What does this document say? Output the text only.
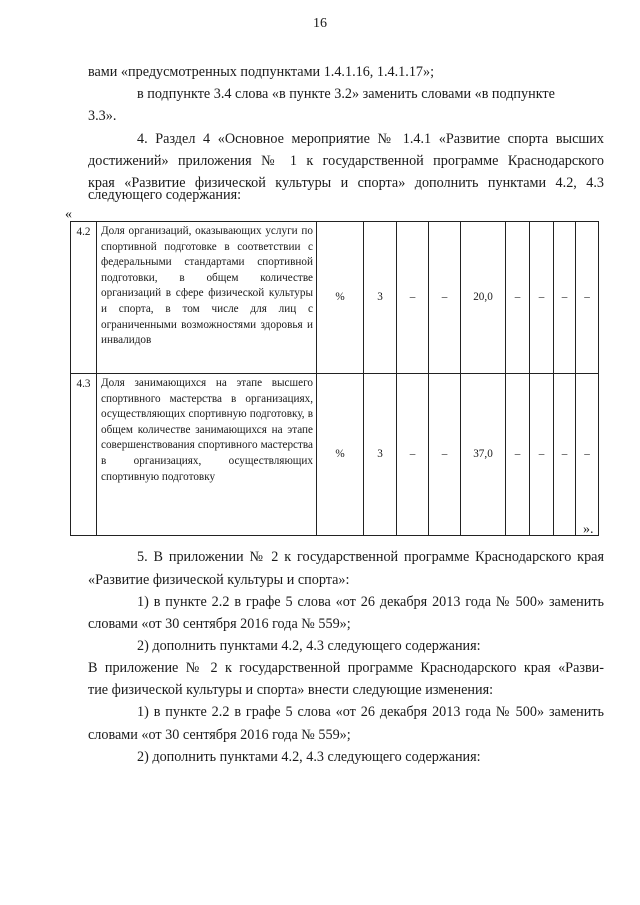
16
вами «предусмотренных подпунктами 1.4.1.16, 1.4.1.17»;
в подпункте 3.4 слова «в пункте 3.2» заменить словами «в подпункте
3.3».
4. Раздел 4 «Основное мероприятие № 1.4.1 «Развитие спорта высших
достижений» приложения № 1 к государственной программе Краснодарского
края «Развитие физической культуры и спорта» дополнить пунктами 4.2, 4.3
следующего содержания:
«
4.2	Доля организаций, оказывающих услуги по спортивной подготовке в соответствии с федеральными стандартами спортивной подготовки, в общем количестве организаций в сфере физической культуры и спорта, в том числе для лиц с ограниченными возможностями здоровья и инвалидов	%	3	–	–	20,0	–	–	–	–
4.3	Доля занимающихся на этапе высшего спортивного мастерства в организациях, осуществляющих спортивную подготовку, в общем количестве занимающихся на этапе совершенствования спортивного мастерства в организациях, осуществляющих спортивную подготовку	%	3	–	–	37,0	–	–	–	–
».
5. В приложении № 2 к государственной программе Краснодарского края
«Развитие физической культуры и спорта»:
1) в пункте 2.2 в графе 5 слова «от 26 декабря 2013 года № 500» заменить
словами «от 30 сентября 2016 года № 559»;
2) дополнить пунктами 4.2, 4.3 следующего содержания:
В приложение № 2 к государственной программе Краснодарского края «Разви-
тие физической культуры и спорта» внести следующие изменения:
1) в пункте 2.2 в графе 5 слова «от 26 декабря 2013 года № 500» заменить
словами «от 30 сентября 2016 года № 559»;
2) дополнить пунктами 4.2, 4.3 следующего содержания:
